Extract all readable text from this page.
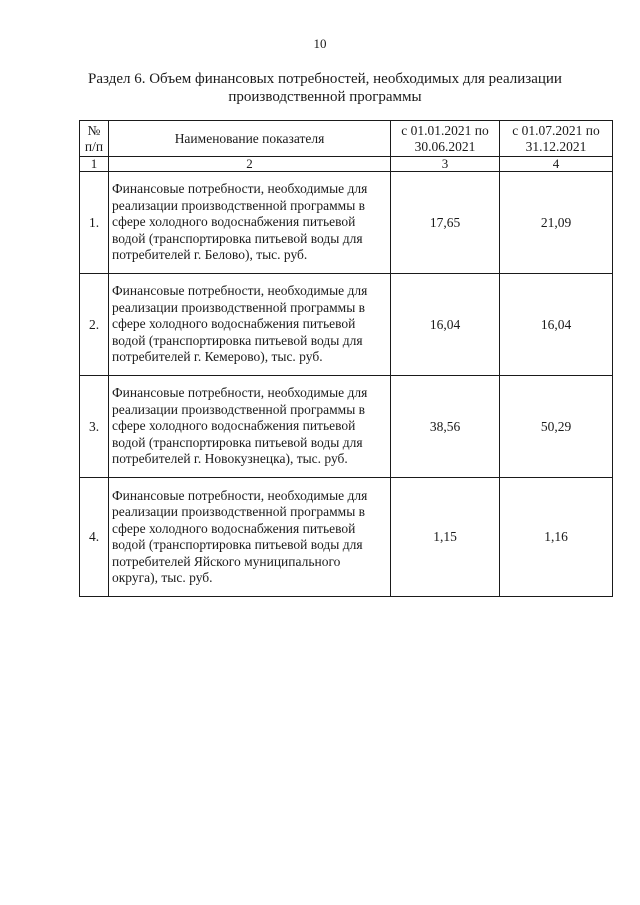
10
Раздел 6. Объем финансовых потребностей, необходимых для реализации производственной программы
№ п/п	Наименование показателя	с 01.01.2021 по 30.06.2021	с 01.07.2021 по 31.12.2021
1	2	3	4
1.	Финансовые потребности, необходимые для реализации производственной программы в сфере холодного водоснабжения питьевой водой (транспортировка питьевой воды для потребителей г. Белово), тыс. руб.	17,65	21,09
2.	Финансовые потребности, необходимые для реализации производственной программы в сфере холодного водоснабжения питьевой водой (транспортировка питьевой воды для потребителей г. Кемерово), тыс. руб.	16,04	16,04
3.	Финансовые потребности, необходимые для реализации производственной программы в сфере холодного водоснабжения питьевой водой (транспортировка питьевой воды для потребителей г. Новокузнецка), тыс. руб.	38,56	50,29
4.	Финансовые потребности, необходимые для реализации производственной программы в сфере холодного водоснабжения питьевой водой (транспортировка питьевой воды для потребителей Яйского муниципального округа), тыс. руб.	1,15	1,16
